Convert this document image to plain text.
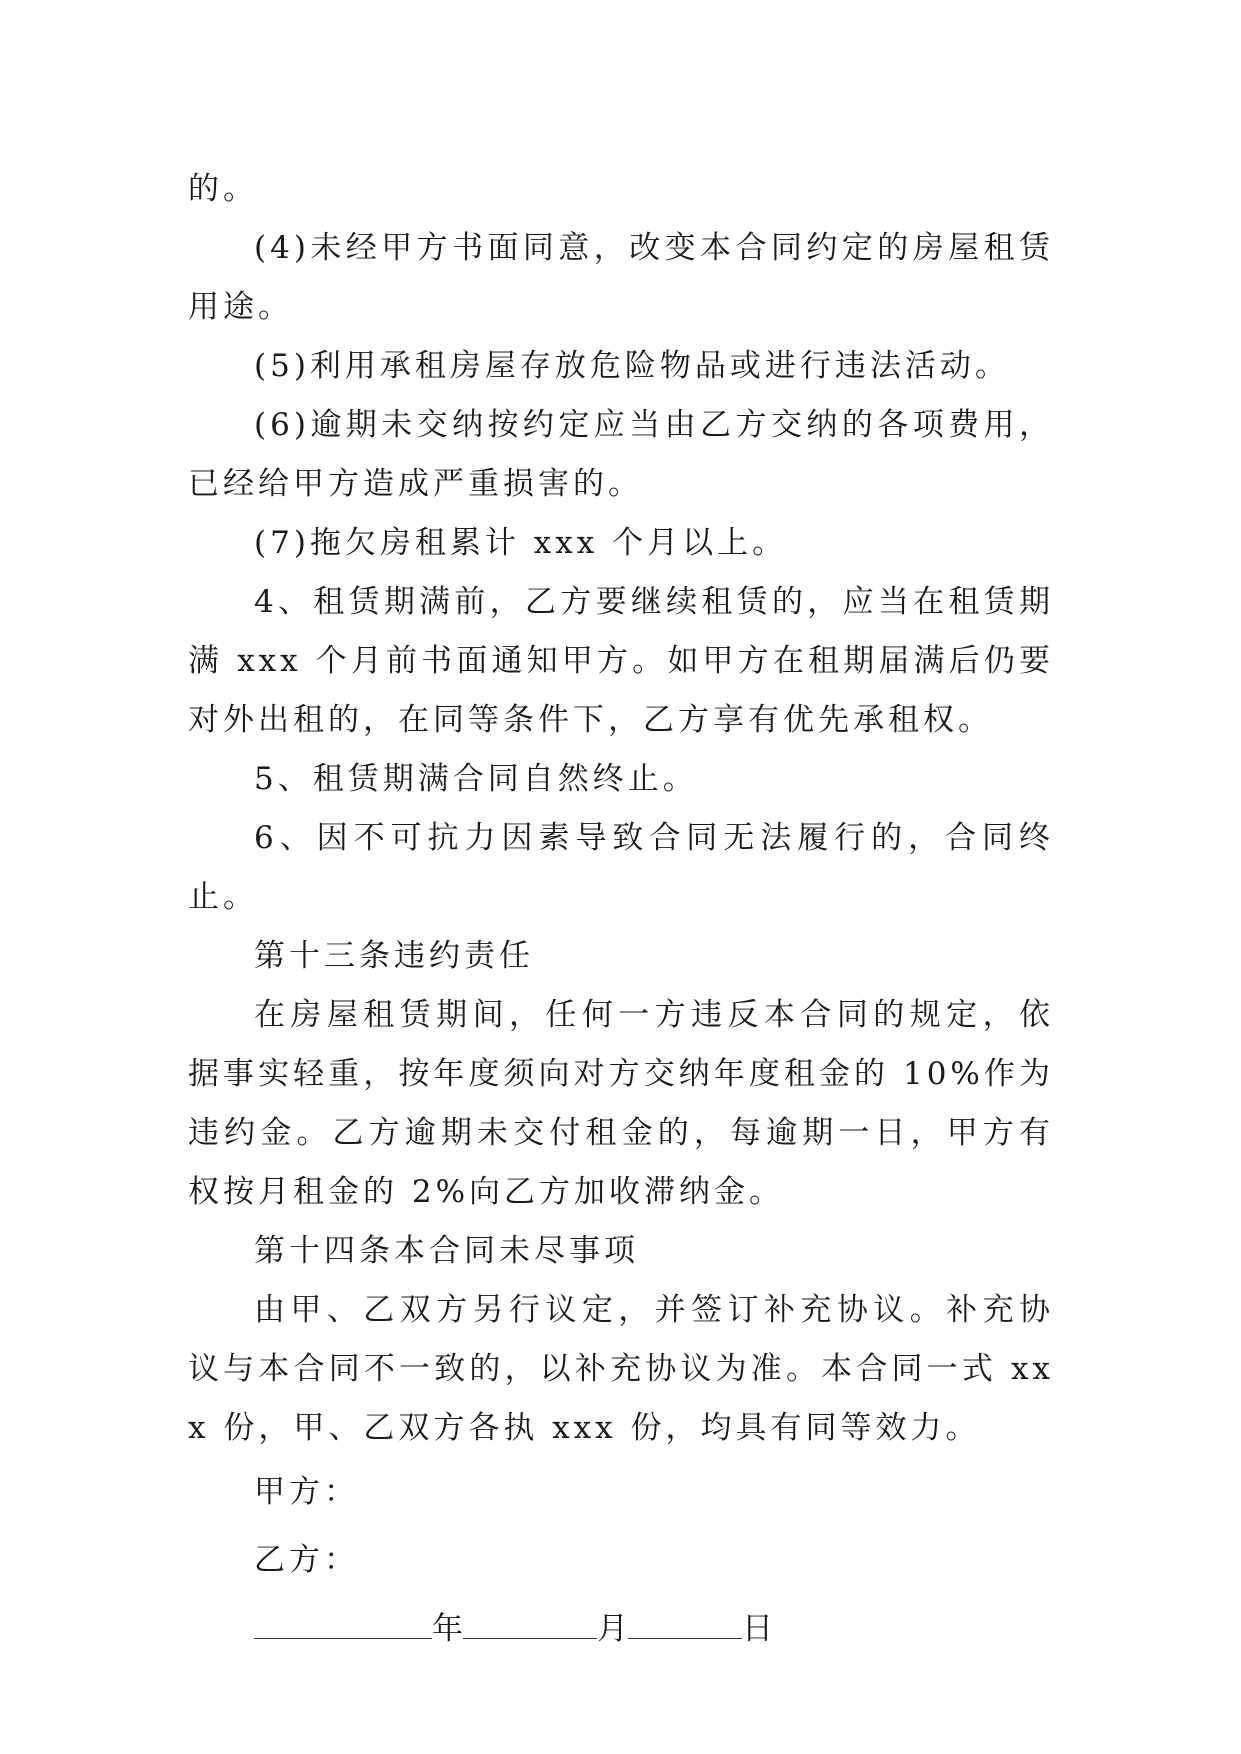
的。

(4)未经甲方书面同意，改变本合同约定的房屋租赁用途。

(5)利用承租房屋存放危险物品或进行违法活动。

(6)逾期未交纳按约定应当由乙方交纳的各项费用，已经给甲方造成严重损害的。

(7)拖欠房租累计 xxx 个月以上。

4、租赁期满前，乙方要继续租赁的，应当在租赁期满 xxx 个月前书面通知甲方。如甲方在租期届满后仍要对外出租的，在同等条件下，乙方享有优先承租权。

5、租赁期满合同自然终止。

6、因不可抗力因素导致合同无法履行的，合同终止。

第十三条违约责任

在房屋租赁期间，任何一方违反本合同的规定，依据事实轻重，按年度须向对方交纳年度租金的 10%作为违约金。乙方逾期未交付租金的，每逾期一日，甲方有权按月租金的 2%向乙方加收滞纳金。

第十四条本合同未尽事项

由甲、乙双方另行议定，并签订补充协议。补充协议与本合同不一致的，以补充协议为准。本合同一式 xxx 份，甲、乙双方各执 xxx 份，均具有同等效力。

甲方：

乙方：

年	月	日
